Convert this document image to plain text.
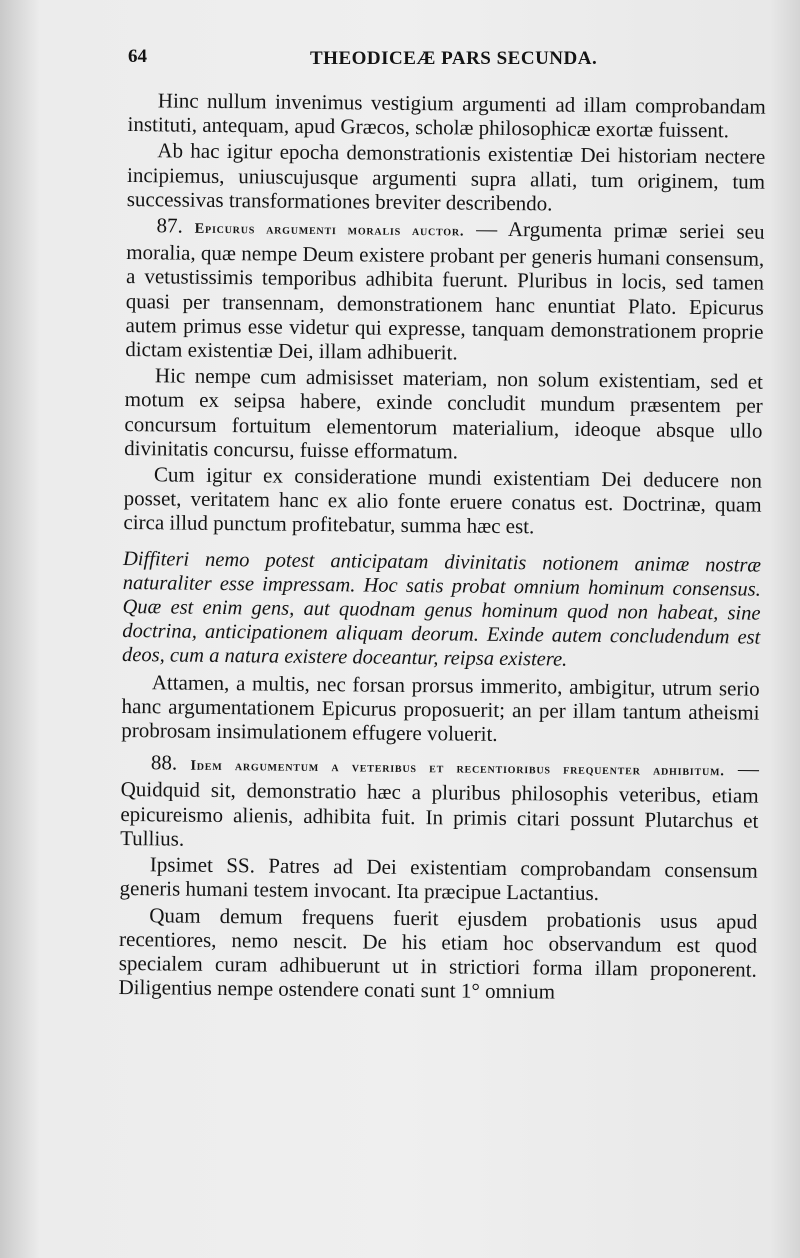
64	THEODICEÆ PARS SECUNDA.

Hinc nullum invenimus vestigium argumenti ad illam comprobandam instituti, antequam, apud Græcos, scholæ philosophicæ exortæ fuissent.

Ab hac igitur epocha demonstrationis existentiæ Dei historiam nectere incipiemus, uniuscujusque argumenti supra allati, tum originem, tum successivas transformationes breviter describendo.

87. Epicurus argumenti moralis auctor. — Argumenta primæ seriei seu moralia, quæ nempe Deum existere probant per generis humani consensum, a vetustissimis temporibus adhibita fuerunt. Pluribus in locis, sed tamen quasi per transennam, demonstrationem hanc enuntiat Plato. Epicurus autem primus esse videtur qui expresse, tanquam demonstrationem proprie dictam existentiæ Dei, illam adhibuerit.

Hic nempe cum admisisset materiam, non solum existentiam, sed et motum ex seipsa habere, exinde concludit mundum præsentem per concursum fortuitum elementorum materialium, ideoque absque ullo divinitatis concursu, fuisse efformatum.

Cum igitur ex consideratione mundi existentiam Dei deducere non posset, veritatem hanc ex alio fonte eruere conatus est. Doctrinæ, quam circa illud punctum profitebatur, summa hæc est.

Diffiteri nemo potest anticipatam divinitatis notionem animæ nostræ naturaliter esse impressam. Hoc satis probat omnium hominum consensus. Quæ est enim gens, aut quodnam genus hominum quod non habeat, sine doctrina, anticipationem aliquam deorum. Exinde autem concludendum est deos, cum a natura existere doceantur, reipsa existere.

Attamen, a multis, nec forsan prorsus immerito, ambigitur, utrum serio hanc argumentationem Epicurus proposuerit; an per illam tantum atheismi probrosam insimulationem effugere voluerit.

88. Idem argumentum a veteribus et recentioribus frequenter adhibitum. — Quidquid sit, demonstratio hæc a pluribus philosophis veteribus, etiam epicureismo alienis, adhibita fuit. In primis citari possunt Plutarchus et Tullius.

Ipsimet SS. Patres ad Dei existentiam comprobandam consensum generis humani testem invocant. Ita præcipue Lactantius.

Quam demum frequens fuerit ejusdem probationis usus apud recentiores, nemo nescit. De his etiam hoc observandum est quod specialem curam adhibuerunt ut in strictiori forma illam proponerent. Diligentius nempe ostendere conati sunt 1° omnium
